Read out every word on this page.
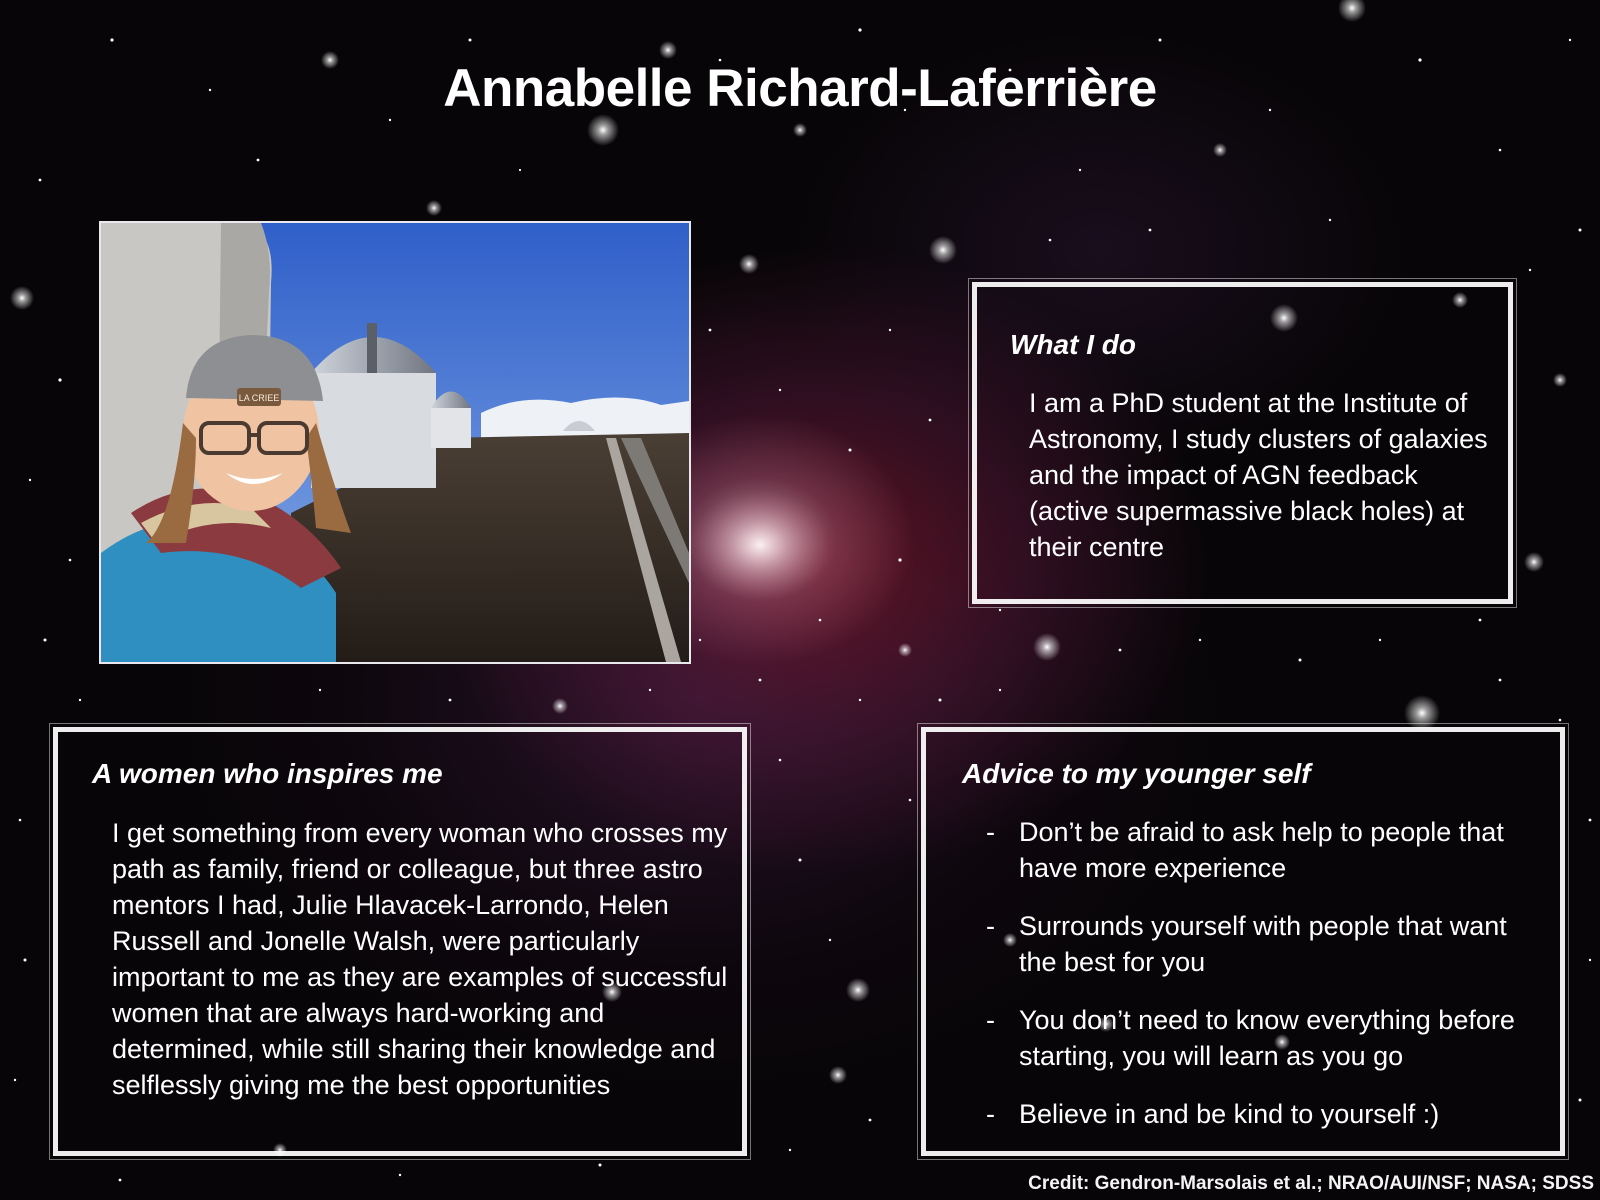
Annabelle Richard-Laferrière
LA CRIEE
What I do

I am a PhD student at the Institute of Astronomy, I study clusters of galaxies and the impact of AGN feedback (active supermassive black holes) at their centre

A women who inspires me

I get something from every woman who crosses my path as family, friend or colleague, but three astro mentors I had, Julie Hlavacek-Larrondo, Helen Russell and Jonelle Walsh, were particularly important to me as they are examples of successful women that are always hard-working and determined, while still sharing their knowledge and selflessly giving me the best opportunities

Advice to my younger self
- Don’t be afraid to ask help to people that have more experience
- Surrounds yourself with people that want the best for you
- You don’t need to know everything before starting, you will learn as you go
- Believe in and be kind to yourself :)
Credit: Gendron-Marsolais et al.; NRAO/AUI/NSF; NASA; SDSS
